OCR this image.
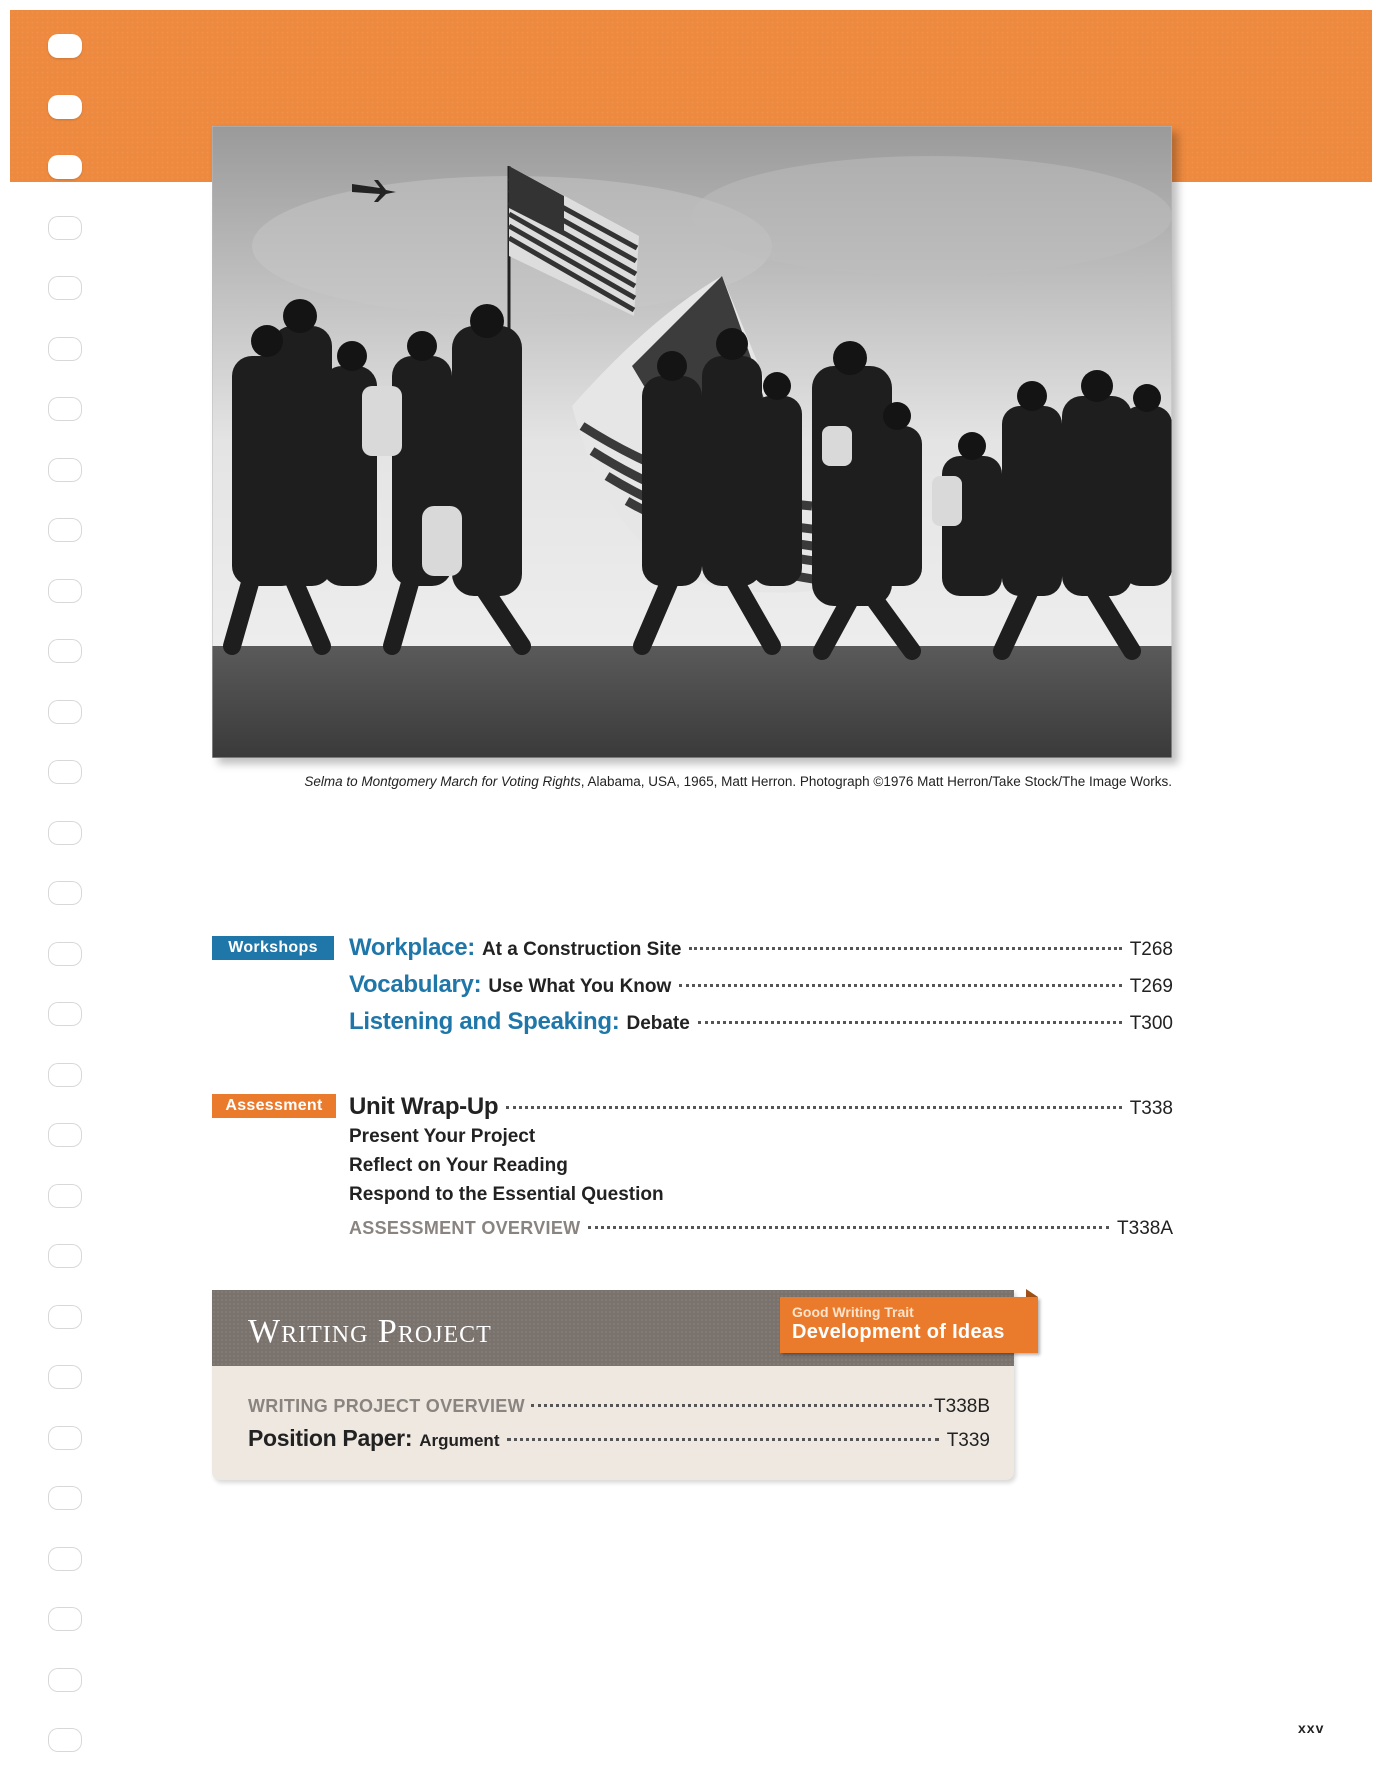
Selma to Montgomery March for Voting Rights, Alabama, USA, 1965, Matt Herron. Photograph ©1976 Matt Herron/Take Stock/The Image Works.
Workshops	Workplace: At a Construction Site	T268
Vocabulary: Use What You Know	T269
Listening and Speaking: Debate	T300
Assessment	Unit Wrap-Up	T338
Present Your Project
Reflect on Your Reading
Respond to the Essential Question
ASSESSMENT OVERVIEW	T338A
Writing Project
Good Writing Trait
Development of Ideas
WRITING PROJECT OVERVIEW	T338B
Position Paper: Argument	T339
xxv
